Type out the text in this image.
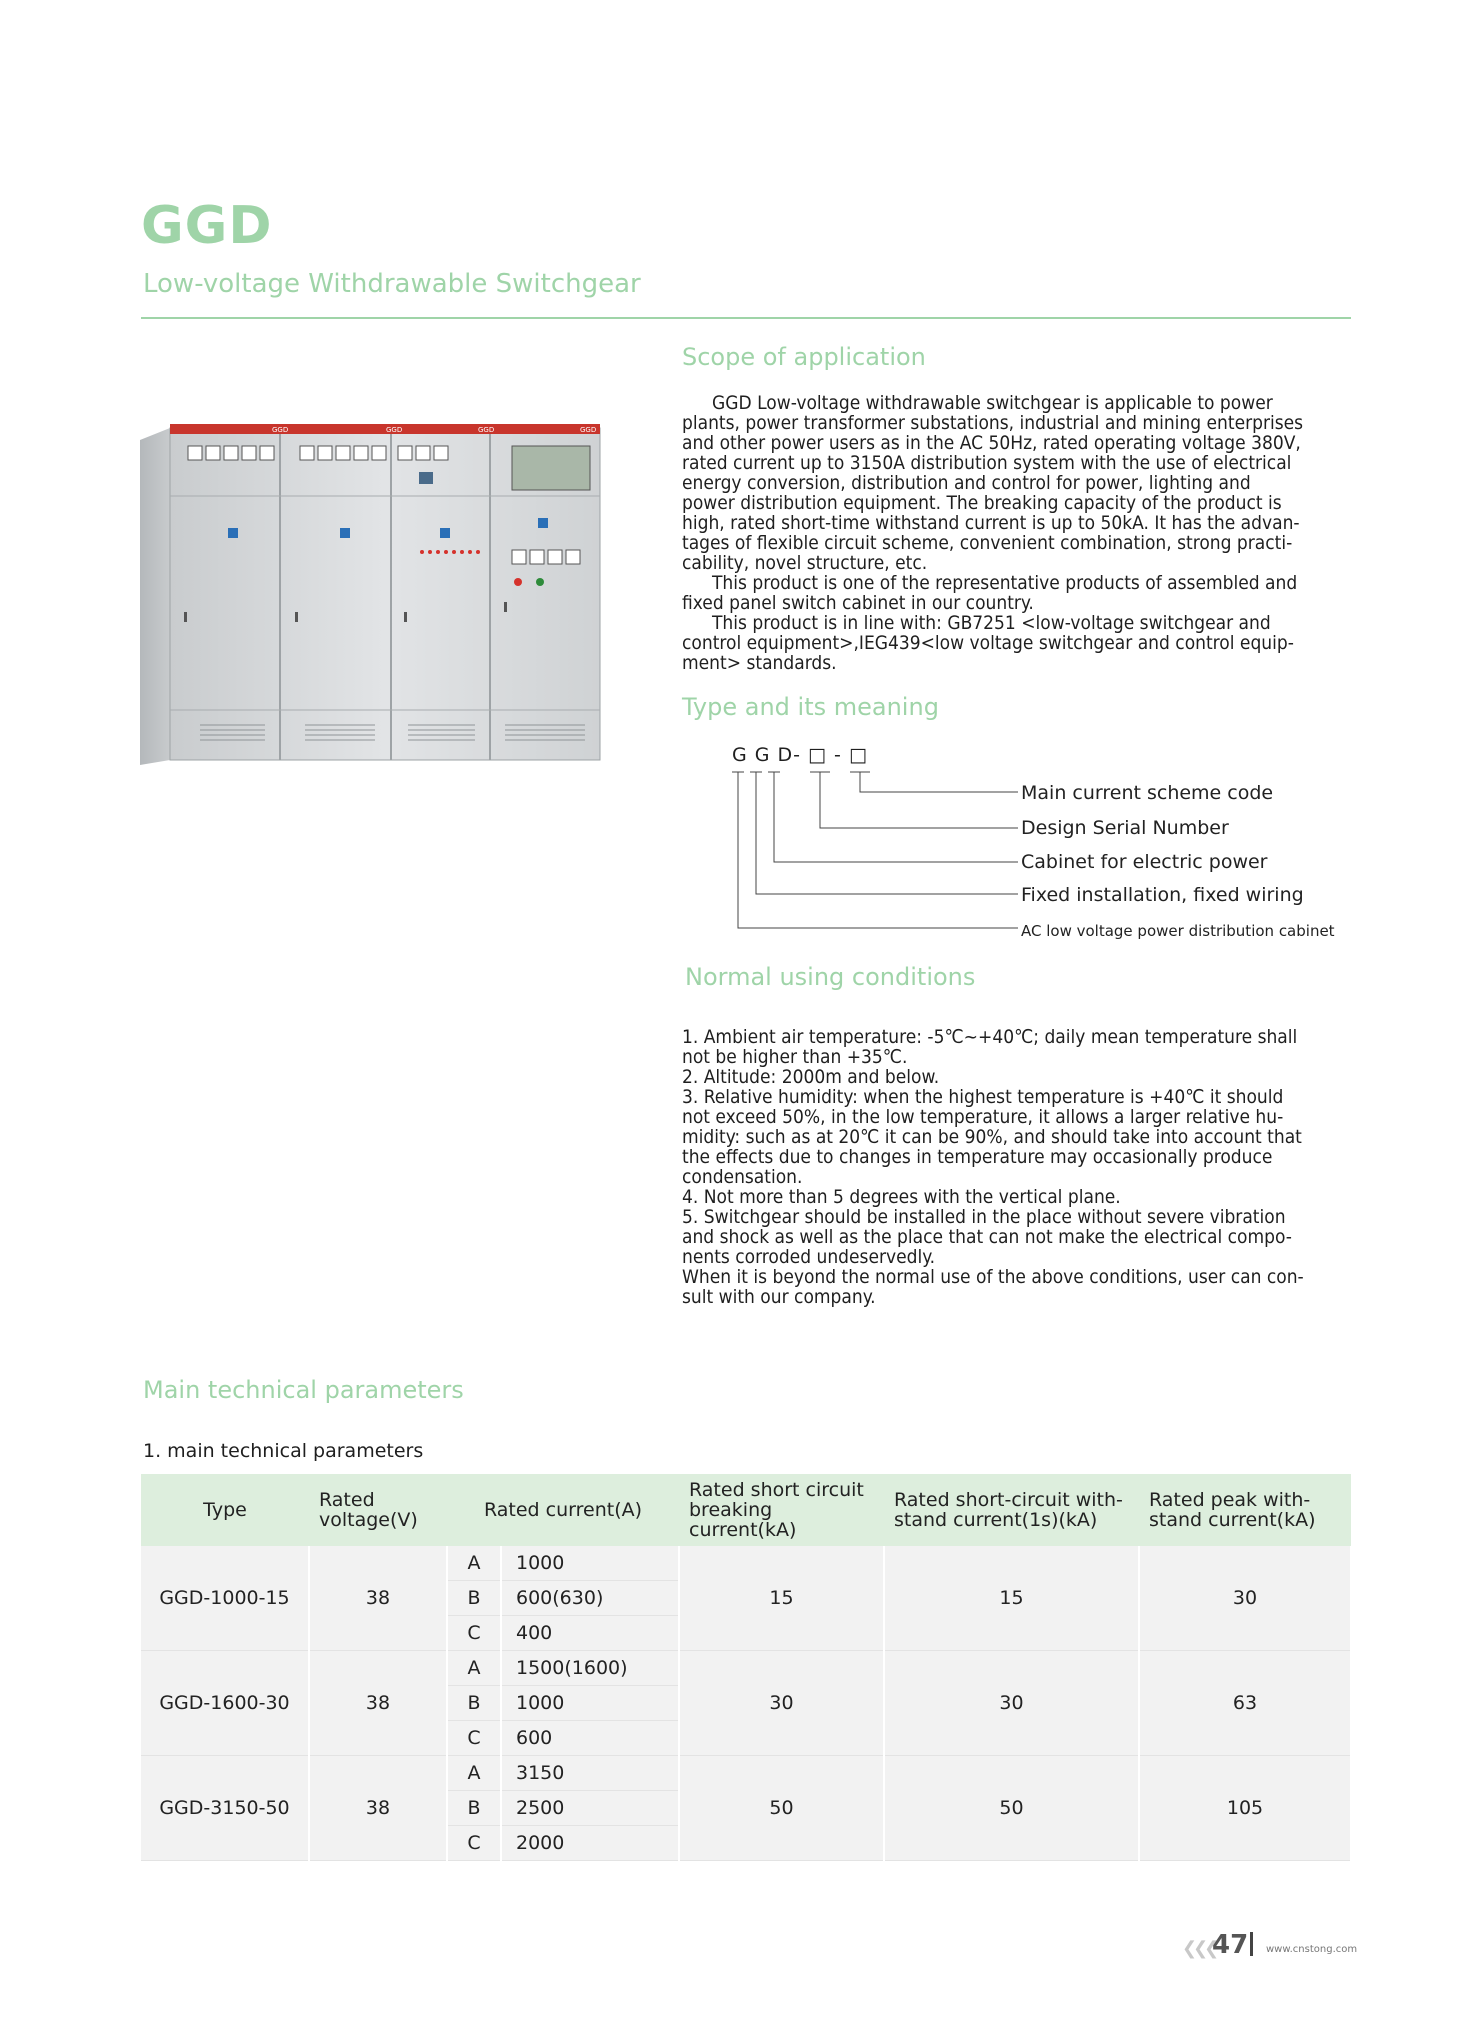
GGD
Low-voltage Withdrawable Switchgear
GGD	GGD	GGD	GGD
Scope of application
GGD Low-voltage withdrawable switchgear is applicable to power
plants, power transformer substations, industrial and mining enterprises
and other power users as in the AC 50Hz, rated operating voltage 380V,
rated current up to 3150A distribution system with the use of electrical
energy conversion, distribution and control for power, lighting and
power distribution equipment. The breaking capacity of the product is
high, rated short-time withstand current is up to 50kA. It has the advan-
tages of flexible circuit scheme, convenient combination, strong practi-
cability, novel structure, etc.
This product is one of the representative products of assembled and
fixed panel switch cabinet in our country.
This product is in line with: GB7251 <low-voltage switchgear and
control equipment>,IEG439<low voltage switchgear and control equip-
ment> standards.
Type and its meaning
G G D- □ - □
Main current scheme code
Design Serial Number
Cabinet for electric power
Fixed installation, fixed wiring
AC low voltage power distribution cabinet
Normal using conditions
1. Ambient air temperature: -5℃~+40℃; daily mean temperature shall
not be higher than +35℃.
2. Altitude: 2000m and below.
3. Relative humidity: when the highest temperature is +40℃ it should
not exceed 50%, in the low temperature, it allows a larger relative hu-
midity: such as at 20℃ it can be 90%, and should take into account that
the effects due to changes in temperature may occasionally produce
condensation.
4. Not more than 5 degrees with the vertical plane.
5. Switchgear should be installed in the place without severe vibration
and shock as well as the place that can not make the electrical compo-
nents corroded undeservedly.
When it is beyond the normal use of the above conditions, user can con-
sult with our company.
Main technical parameters
1. main technical parameters
Type	Rated voltage(V)	Rated current(A)		Rated short circuit breaking current(kA)	Rated short-circuit with-stand current(1s)(kA)	Rated peak with-stand current(kA)
GGD-1000-15	38	A	1000	15	15	30
		B	600(630)			
		C	400			
GGD-1600-30	38	A	1500(1600)	30	30	63
		B	1000			
		C	600			
GGD-3150-50	38	A	3150	50	50	105
		B	2500			
		C	2000			
❮❮❮
47 www.cnstong.com
